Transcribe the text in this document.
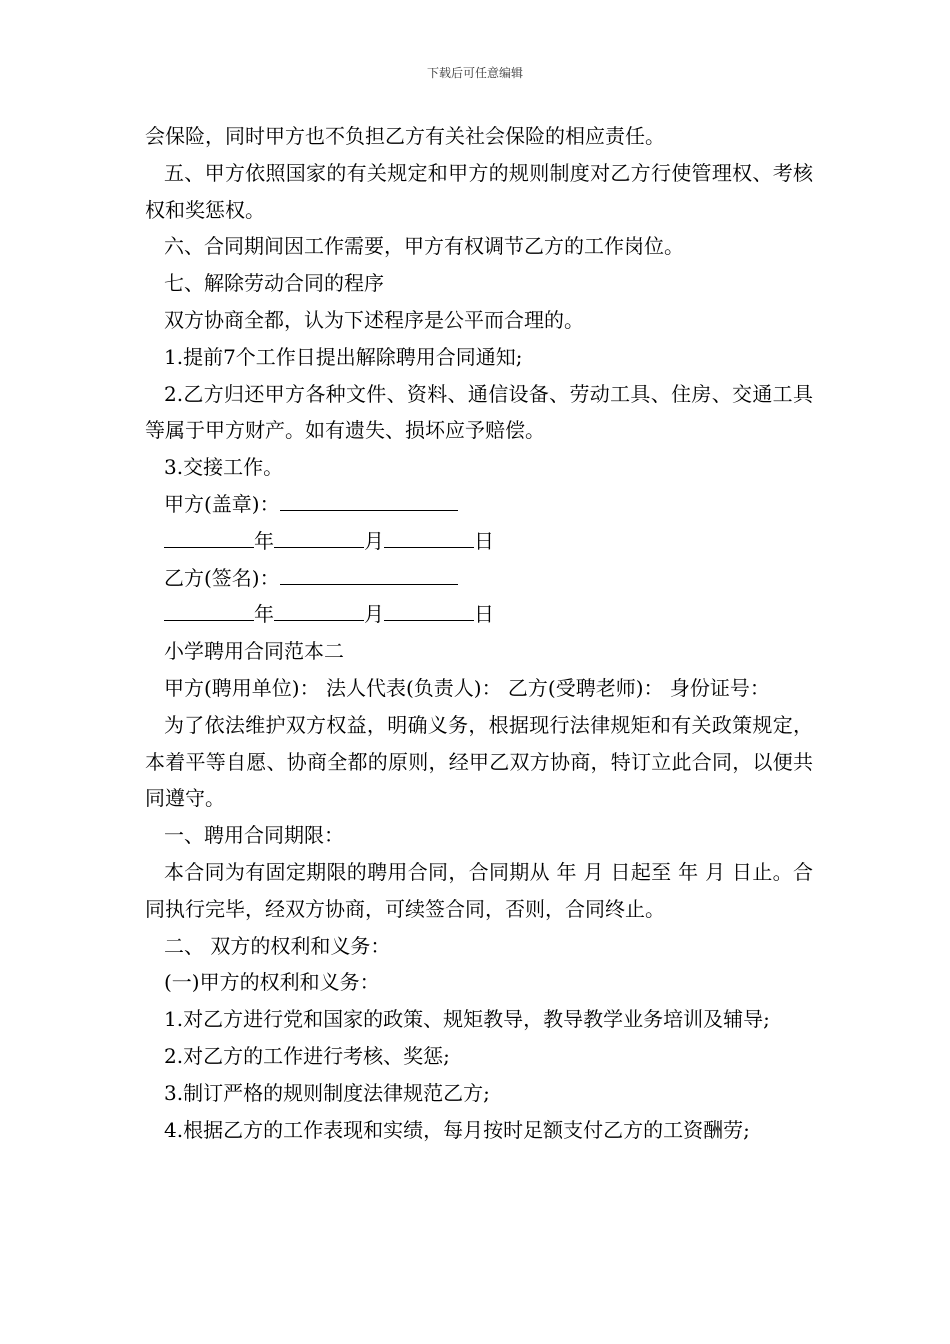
下载后可任意编辑

会保险，同时甲方也不负担乙方有关社会保险的相应责任。

五、甲方依照国家的有关规定和甲方的规则制度对乙方行使管理权、考核权和奖惩权。

六、合同期间因工作需要，甲方有权调节乙方的工作岗位。

七、解除劳动合同的程序

双方协商全都，认为下述程序是公平而合理的。

1.提前7个工作日提出解除聘用合同通知;

2.乙方归还甲方各种文件、资料、通信设备、劳动工具、住房、交通工具等属于甲方财产。如有遗失、损坏应予赔偿。

3.交接工作。

甲方(盖章)：

年	月	日

乙方(签名)：

年	月	日

小学聘用合同范本二

甲方(聘用单位)： 法人代表(负责人)： 乙方(受聘老师)： 身份证号：

为了依法维护双方权益，明确义务，根据现行法律规矩和有关政策规定，本着平等自愿、协商全都的原则，经甲乙双方协商，特订立此合同，以便共同遵守。

一、聘用合同期限：

本合同为有固定期限的聘用合同，合同期从 年 月 日起至 年 月 日止。合同执行完毕，经双方协商，可续签合同，否则，合同终止。

二、 双方的权利和义务：

(一)甲方的权利和义务：

1.对乙方进行党和国家的政策、规矩教导，教导教学业务培训及辅导;

2.对乙方的工作进行考核、奖惩;

3.制订严格的规则制度法律规范乙方;

4.根据乙方的工作表现和实绩，每月按时足额支付乙方的工资酬劳;
